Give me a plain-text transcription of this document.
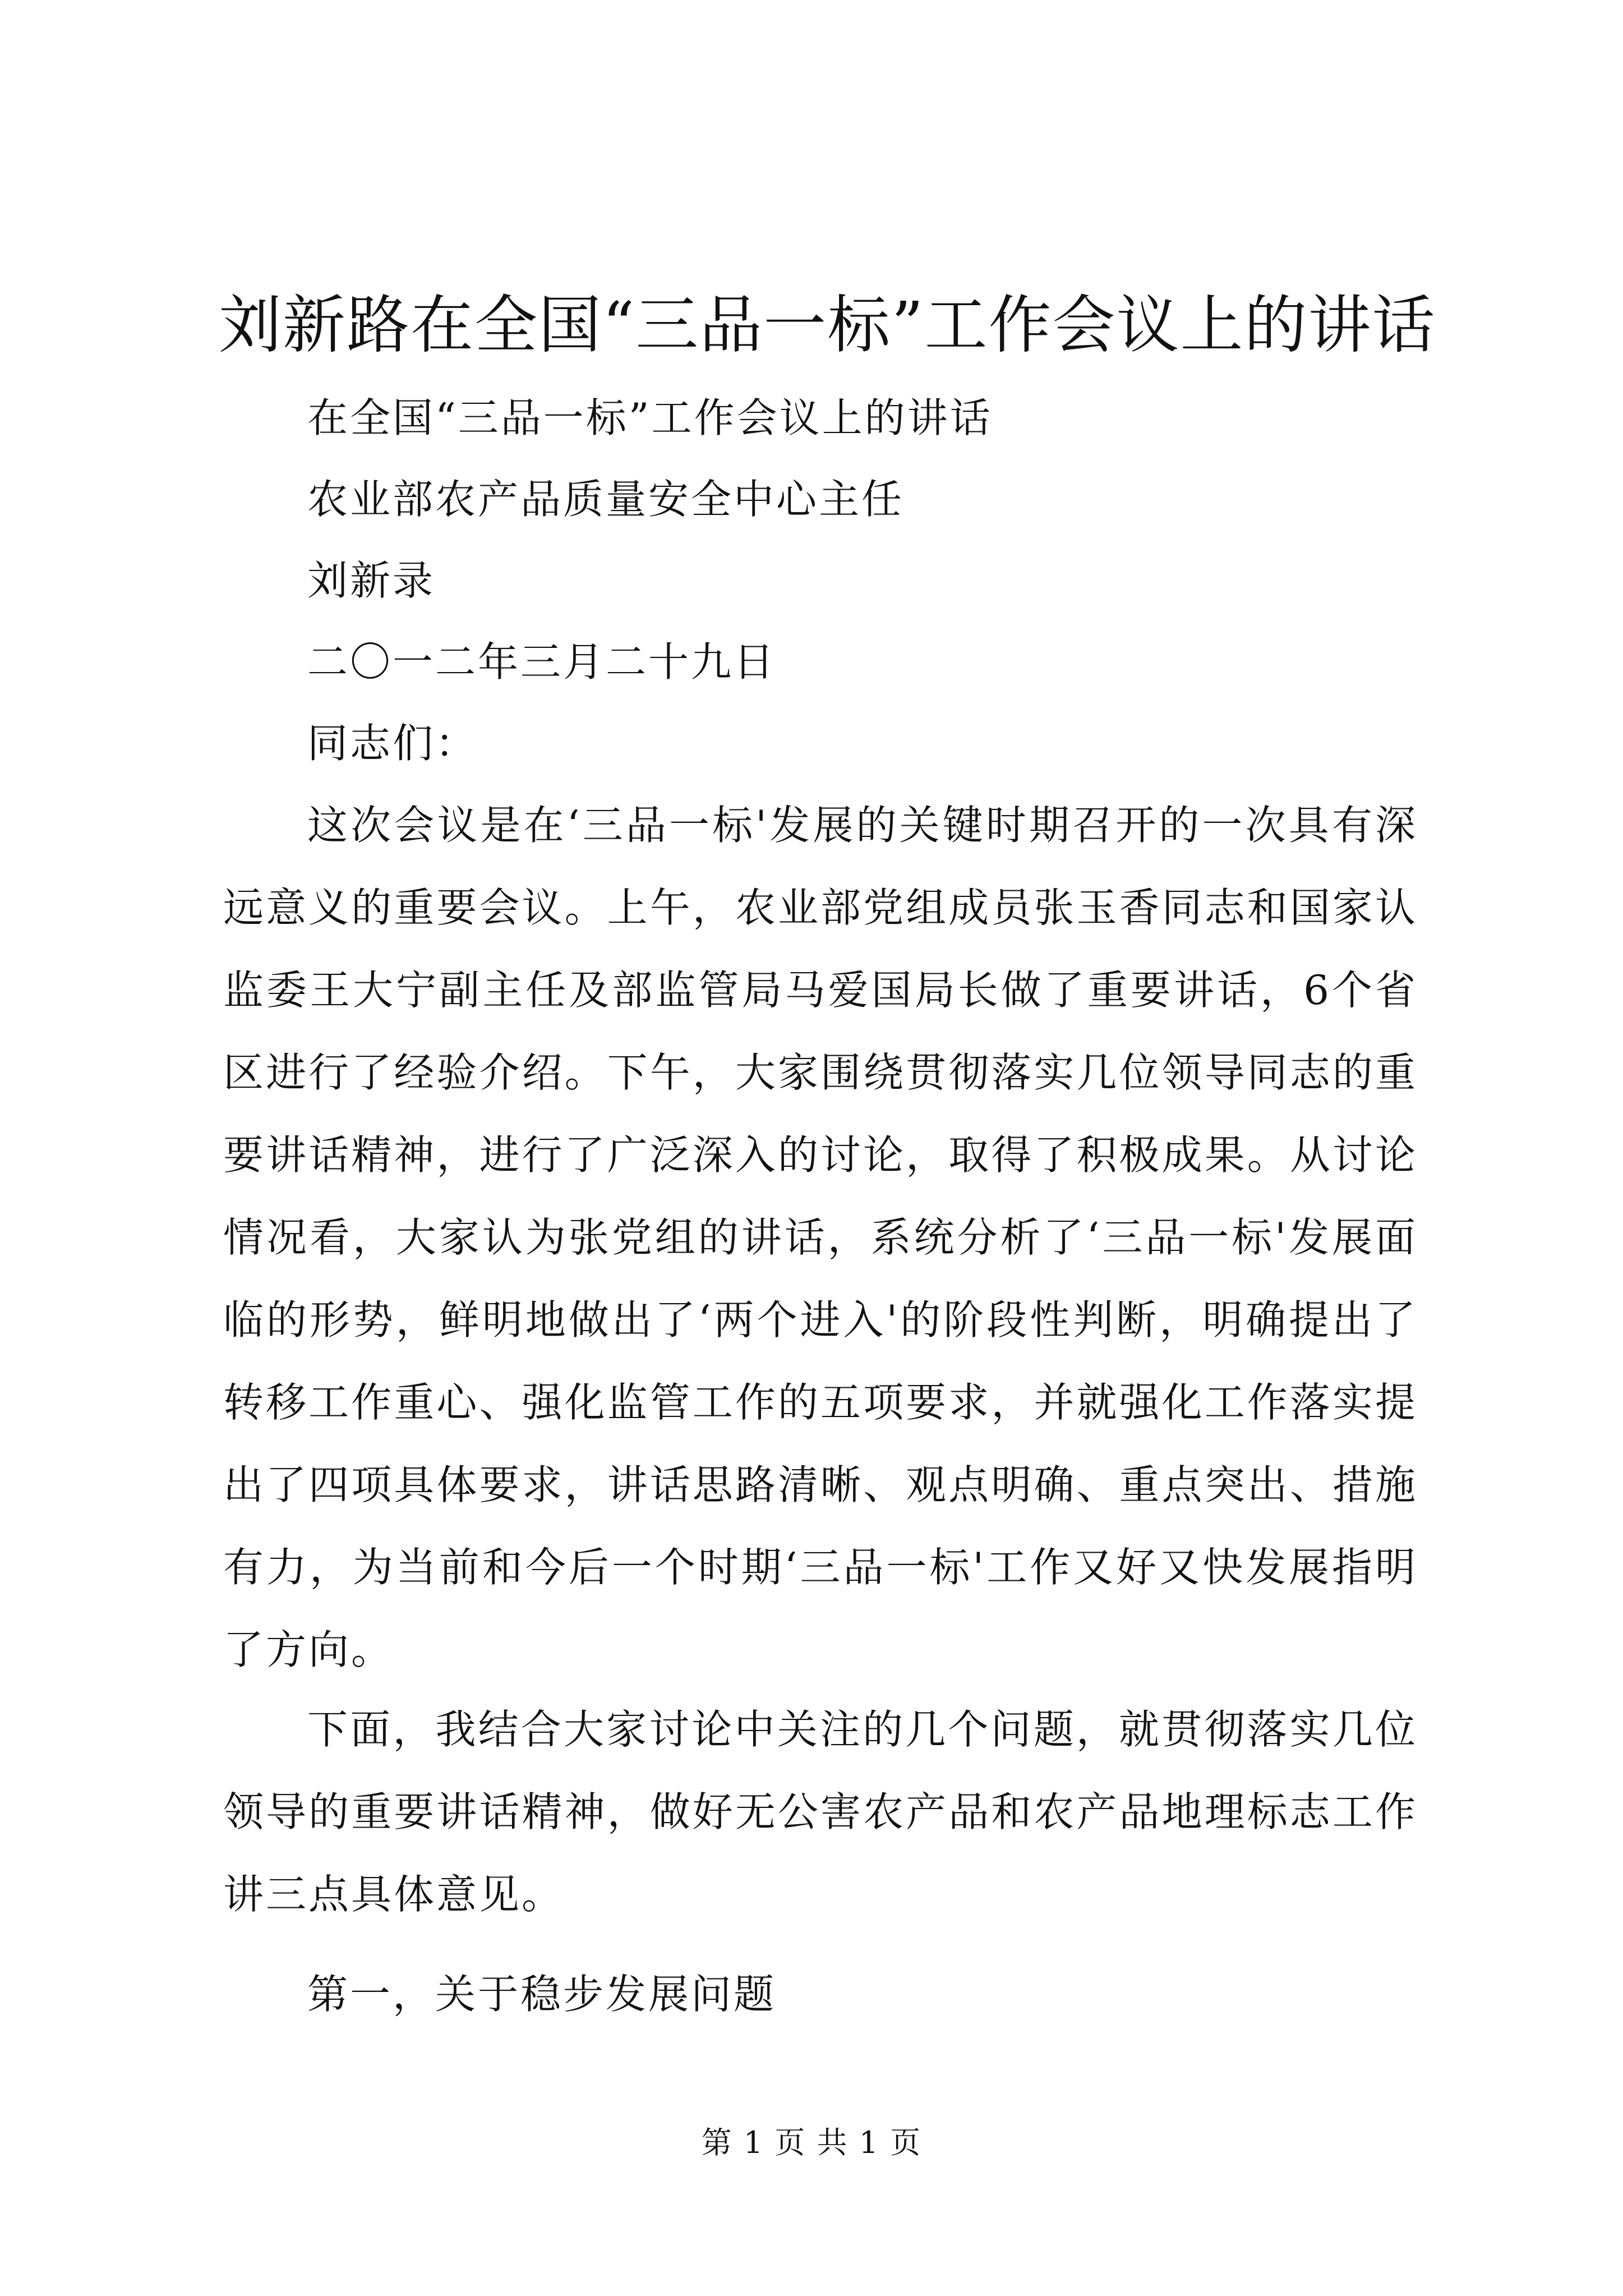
刘新路在全国“三品一标”工作会议上的讲话

在全国“三品一标”工作会议上的讲话

农业部农产品质量安全中心主任

刘新录

二〇一二年三月二十九日

同志们：

这次会议是在‘三品一标'发展的关键时期召开的一次具有深远意义的重要会议。上午，农业部党组成员张玉香同志和国家认监委王大宁副主任及部监管局马爱国局长做了重要讲话，6个省区进行了经验介绍。下午，大家围绕贯彻落实几位领导同志的重要讲话精神，进行了广泛深入的讨论，取得了积极成果。从讨论情况看，大家认为张党组的讲话，系统分析了‘三品一标'发展面临的形势，鲜明地做出了‘两个进入'的阶段性判断，明确提出了转移工作重心、强化监管工作的五项要求，并就强化工作落实提出了四项具体要求，讲话思路清晰、观点明确、重点突出、措施有力，为当前和今后一个时期‘三品一标'工作又好又快发展指明了方向。

下面，我结合大家讨论中关注的几个问题，就贯彻落实几位领导的重要讲话精神，做好无公害农产品和农产品地理标志工作讲三点具体意见。

第一，关于稳步发展问题

第 1 页 共 1 页
